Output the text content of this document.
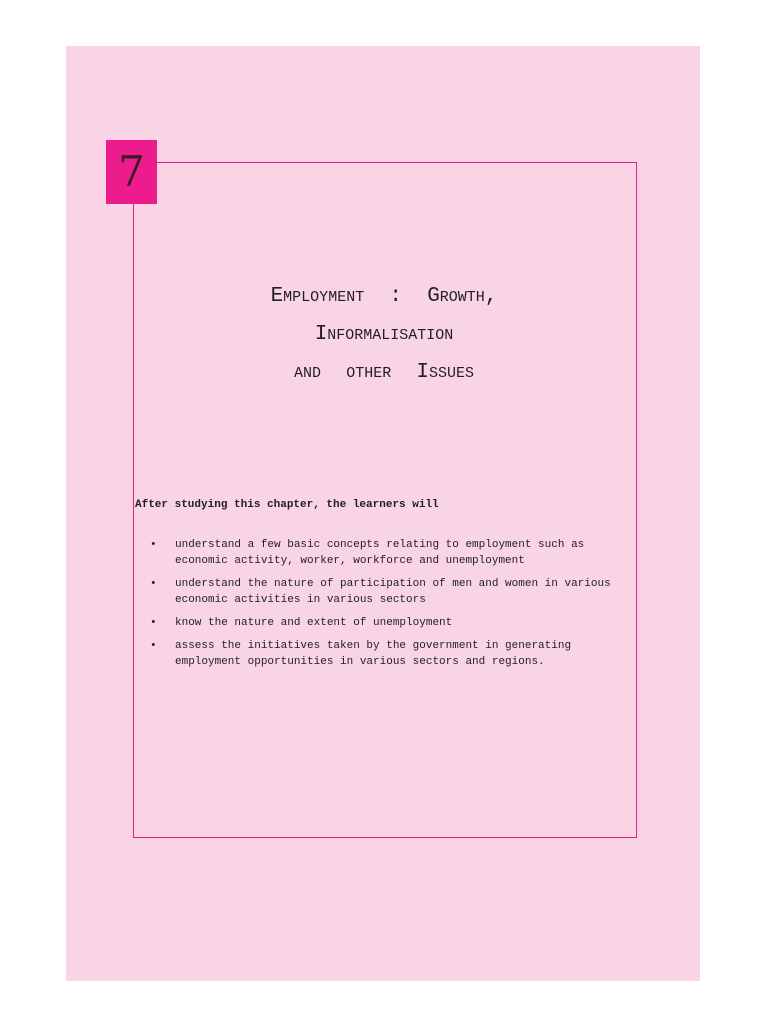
7
Employment  :  Growth,
Informalisation
and  other  Issues
After studying this chapter, the learners will
• understand a few basic concepts relating to employment such as economic activity, worker, workforce and unemployment
• understand the nature of participation of men and women in various economic activities in various sectors
• know the nature and extent of unemployment
• assess the initiatives taken by the government in generating employment opportunities in various sectors and regions.
